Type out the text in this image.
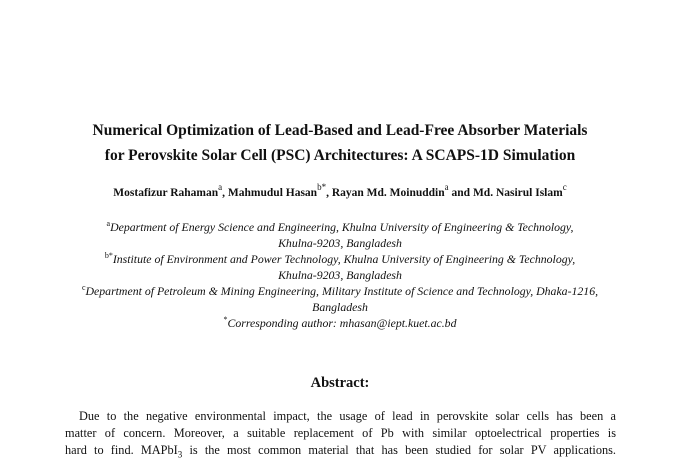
Numerical Optimization of Lead-Based and Lead-Free Absorber Materials
for Perovskite Solar Cell (PSC) Architectures: A SCAPS-1D Simulation
Mostafizur Rahaman$^a$, Mahmudul Hasan$^{b*}$, Rayan Md. Moinuddin$^a$ and Md. Nasirul Islam$^c$
$^a$Department of Energy Science and Engineering, Khulna University of Engineering & Technology,
Khulna-9203, Bangladesh
$^{b*}$Institute of Environment and Power Technology, Khulna University of Engineering & Technology,
Khulna-9203, Bangladesh
$^c$Department of Petroleum & Mining Engineering, Military Institute of Science and Technology, Dhaka-1216,
Bangladesh
*Corresponding author: mhasan@iept.kuet.ac.bd
Abstract:
Due to the negative environmental impact, the usage of lead in perovskite solar cells has been a
matter of concern. Moreover, a suitable replacement of Pb with similar optoelectrical properties is
hard to find. MAPbI$_3$ is the most common material that has been studied for solar PV applications.
